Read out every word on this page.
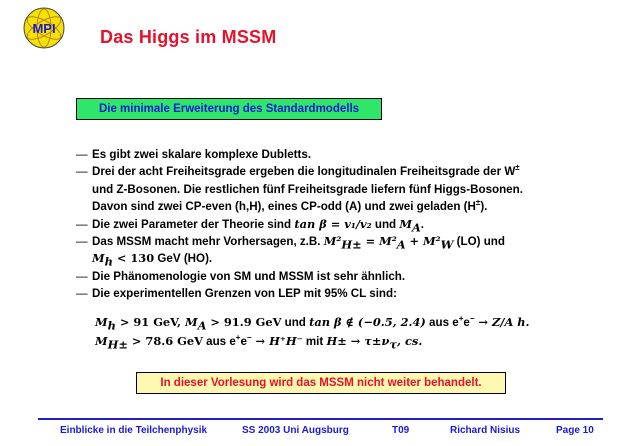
MPI Das Higgs im MSSM
Die minimale Erweiterung des Standardmodells
— Es gibt zwei skalare komplexe Dubletts.
— Drei der acht Freiheitsgrade ergeben die longitudinalen Freiheitsgrade der W±
und Z-Bosonen. Die restlichen fünf Freiheitsgrade liefern fünf Higgs-Bosonen.
Davon sind zwei CP-even (h,H), eines CP-odd (A) und zwei geladen (H±).
— Die zwei Parameter der Theorie sind tan β = v₁/v₂ und $M_A$.
— Das MSSM macht mehr Vorhersagen, z.B. $M^2_{H\pm} = M^2_A + M^2_W$ (LO) und
$M_h < 130$ GeV (HO).
— Die Phänomenologie von SM und MSSM ist sehr ähnlich.
— Die experimentellen Grenzen von LEP mit 95% CL sind:
$M_h > 91$ GeV, $M_A > 91.9$ GeV und tan β ∉ (−0.5, 2.4) aus e+e− → Z/A h.
$M_{H\pm} > 78.6$ GeV aus e+e− → H⁺H⁻ mit $H\pm \to \tau\pm\nu_\tau$, cs.
In dieser Vorlesung wird das MSSM nicht weiter behandelt.
Einblicke in die Teilchenphysik	SS 2003 Uni Augsburg	T09	Richard Nisius	Page 10
